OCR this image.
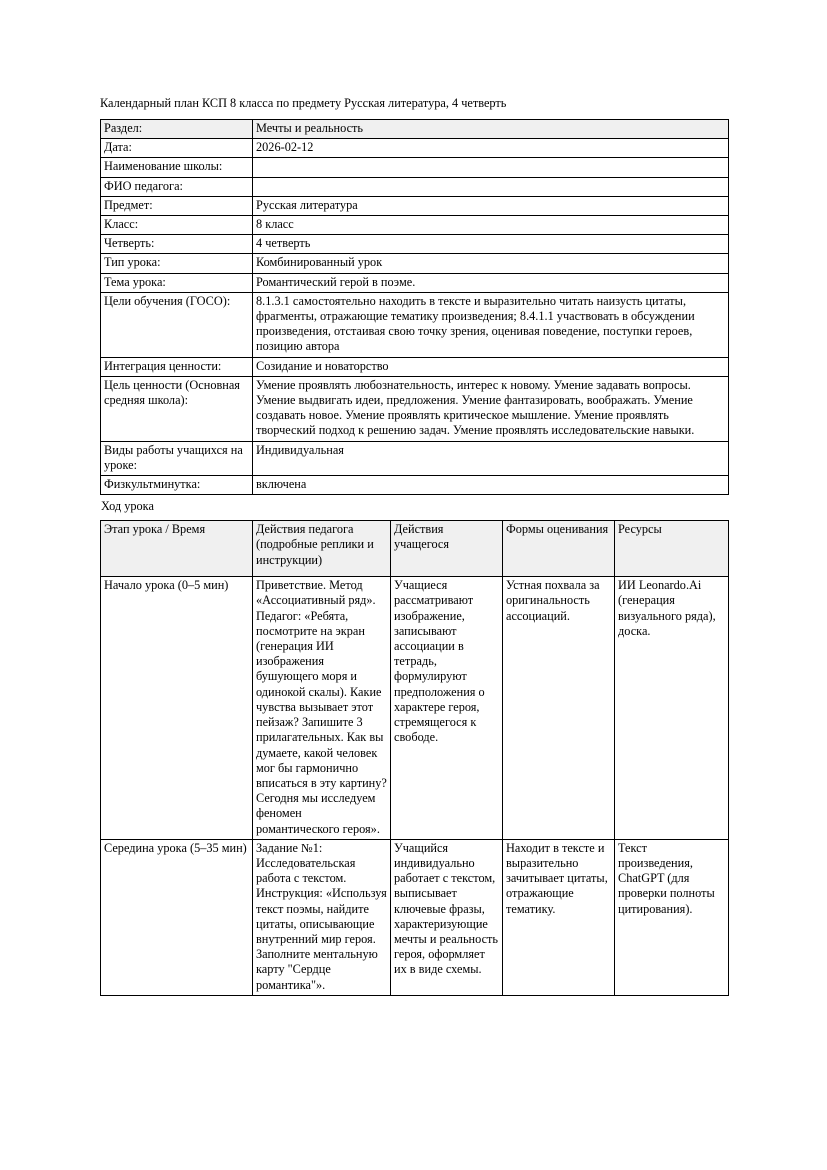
Календарный план КСП 8 класса по предмету Русская литература, 4 четверть
Раздел:	Мечты и реальность
Дата:	2026-02-12
Наименование школы:	
ФИО педагога:	
Предмет:	Русская литература
Класс:	8 класс
Четверть:	4 четверть
Тип урока:	Комбинированный урок
Тема урока:	Романтический герой в поэме.
Цели обучения (ГОСО):	8.1.3.1 самостоятельно находить в тексте и выразительно читать наизусть цитаты, фрагменты, отражающие тематику произведения; 8.4.1.1 участвовать в обсуждении произведения, отстаивая свою точку зрения, оценивая поведение, поступки героев, позицию автора
Интеграция ценности:	Созидание и новаторство
Цель ценности (Основная средняя школа):	Умение проявлять любознательность, интерес к новому. Умение задавать вопросы. Умение выдвигать идеи, предложения. Умение фантазировать, воображать. Умение создавать новое. Умение проявлять критическое мышление. Умение проявлять творческий подход к решению задач. Умение проявлять исследовательские навыки.
Виды работы учащихся на уроке:	Индивидуальная
Физкультминутка:	включена
Ход урока
Этап урока / Время	Действия педагога (подробные реплики и инструкции)	Действия учащегося	Формы оценивания	Ресурсы
Начало урока (0–5 мин)	Приветствие. Метод «Ассоциативный ряд». Педагог: «Ребята, посмотрите на экран (генерация ИИ изображения бушующего моря и одинокой скалы). Какие чувства вызывает этот пейзаж? Запишите 3 прилагательных. Как вы думаете, какой человек мог бы гармонично вписаться в эту картину? Сегодня мы исследуем феномен романтического героя».	Учащиеся рассматривают изображение, записывают ассоциации в тетрадь, формулируют предположения о характере героя, стремящегося к свободе.	Устная похвала за оригинальность ассоциаций.	ИИ Leonardo.Ai (генерация визуального ряда), доска.
Середина урока (5–35 мин)	Задание №1: Исследовательская работа с текстом. Инструкция: «Используя текст поэмы, найдите цитаты, описывающие внутренний мир героя. Заполните ментальную карту "Сердце романтика"».	Учащийся индивидуально работает с текстом, выписывает ключевые фразы, характеризующие мечты и реальность героя, оформляет их в виде схемы.	Находит в тексте и выразительно зачитывает цитаты, отражающие тематику.	Текст произведения, ChatGPT (для проверки полноты цитирования).
